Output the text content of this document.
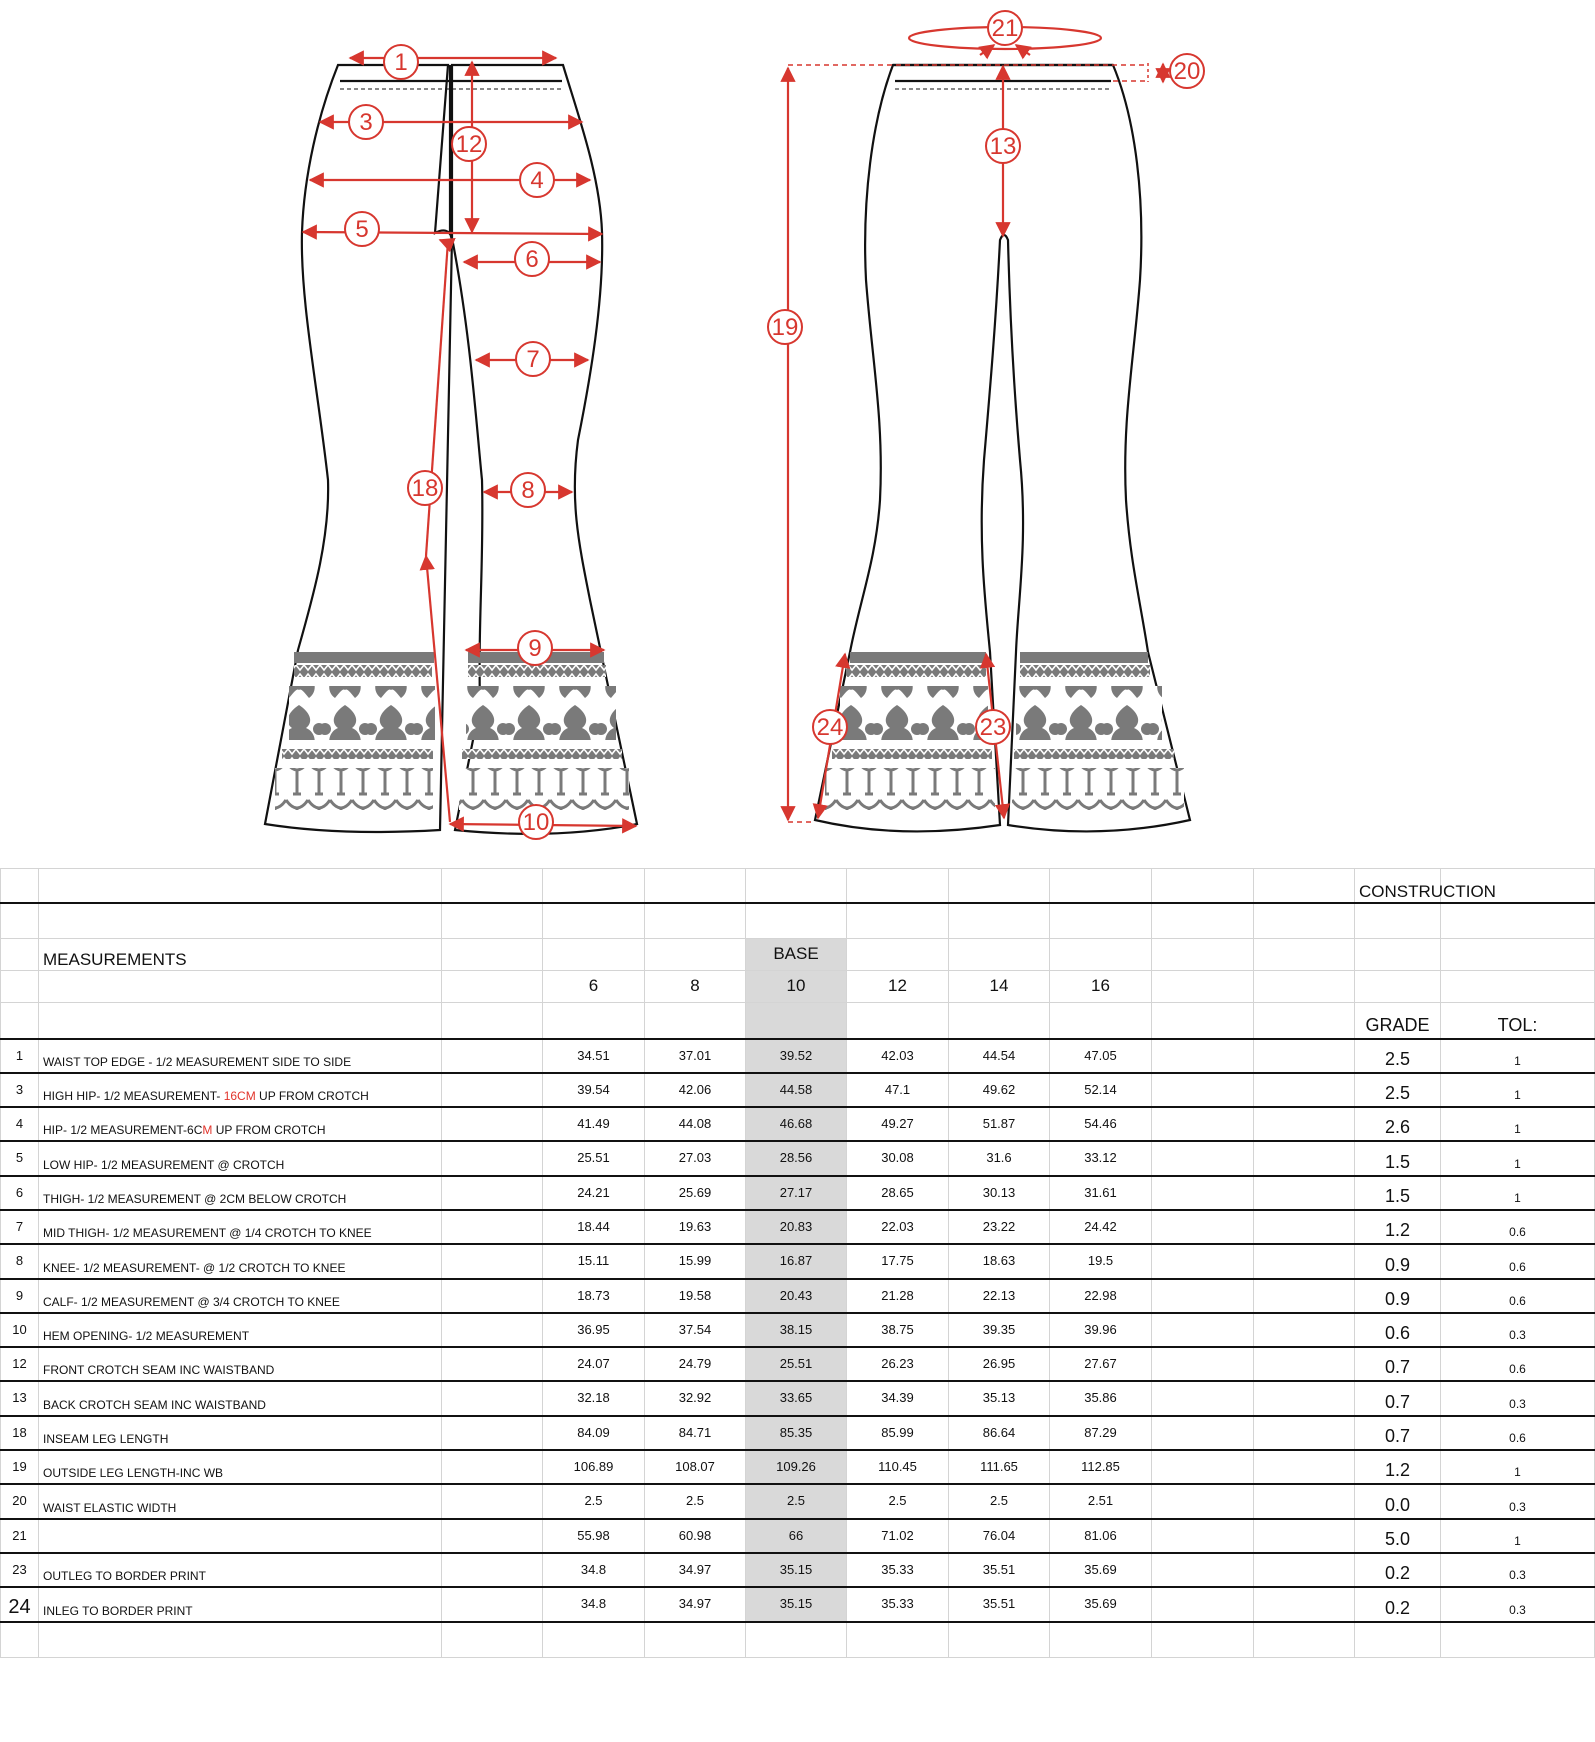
1
3
12
4
5
6
7
18	8
9
10
21
20
13
19
24	23
											CONSTRUCTION	

	MEASUREMENTS				BASE							
			6	8	10	12	14	16				
											GRADE	TOL:
1	WAIST TOP EDGE - 1/2 MEASUREMENT SIDE TO SIDE		34.51	37.01	39.52	42.03	44.54	47.05			2.5	1
3	HIGH HIP- 1/2 MEASUREMENT- 16CM UP FROM CROTCH		39.54	42.06	44.58	47.1	49.62	52.14			2.5	1
4	HIP- 1/2 MEASUREMENT-6CM UP FROM CROTCH		41.49	44.08	46.68	49.27	51.87	54.46			2.6	1
5	LOW HIP- 1/2 MEASUREMENT @ CROTCH		25.51	27.03	28.56	30.08	31.6	33.12			1.5	1
6	THIGH- 1/2 MEASUREMENT @ 2CM BELOW CROTCH		24.21	25.69	27.17	28.65	30.13	31.61			1.5	1
7	MID THIGH- 1/2 MEASUREMENT @ 1/4 CROTCH TO KNEE		18.44	19.63	20.83	22.03	23.22	24.42			1.2	0.6
8	KNEE- 1/2 MEASUREMENT- @ 1/2 CROTCH TO KNEE		15.11	15.99	16.87	17.75	18.63	19.5			0.9	0.6
9	CALF- 1/2 MEASUREMENT @ 3/4 CROTCH TO KNEE		18.73	19.58	20.43	21.28	22.13	22.98			0.9	0.6
10	HEM OPENING- 1/2 MEASUREMENT		36.95	37.54	38.15	38.75	39.35	39.96			0.6	0.3
12	FRONT CROTCH SEAM INC WAISTBAND		24.07	24.79	25.51	26.23	26.95	27.67			0.7	0.6
13	BACK CROTCH SEAM INC WAISTBAND		32.18	32.92	33.65	34.39	35.13	35.86			0.7	0.3
18	INSEAM LEG LENGTH		84.09	84.71	85.35	85.99	86.64	87.29			0.7	0.6
19	OUTSIDE LEG LENGTH-INC WB		106.89	108.07	109.26	110.45	111.65	112.85			1.2	1
20	WAIST ELASTIC WIDTH		2.5	2.5	2.5	2.5	2.5	2.51			0.0	0.3
21			55.98	60.98	66	71.02	76.04	81.06			5.0	1
23	OUTLEG TO BORDER PRINT		34.8	34.97	35.15	35.33	35.51	35.69			0.2	0.3
24	INLEG TO BORDER PRINT		34.8	34.97	35.15	35.33	35.51	35.69			0.2	0.3
